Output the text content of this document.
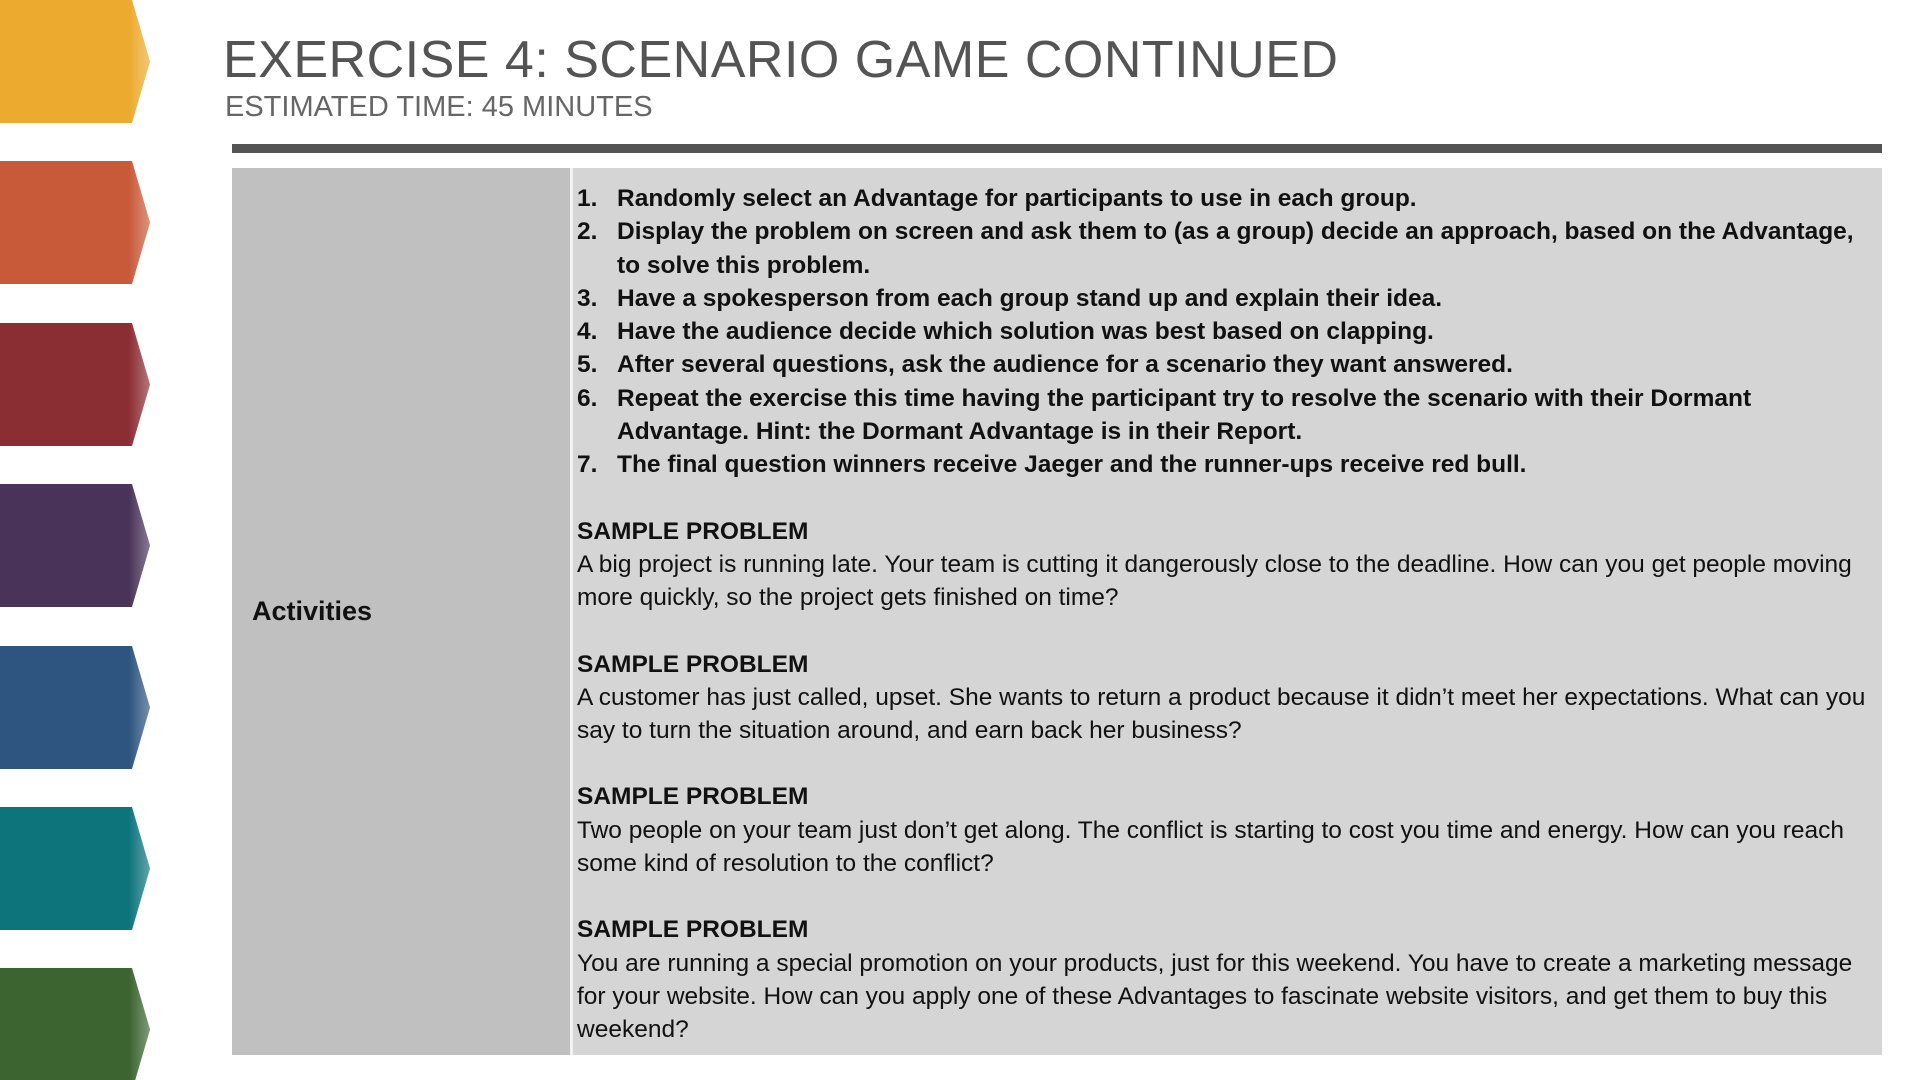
EXERCISE 4: SCENARIO GAME CONTINUED
ESTIMATED TIME: 45 MINUTES
Activities
1. Randomly select an Advantage for participants to use in each group.
2. Display the problem on screen and ask them to (as a group) decide an approach, based on the Advantage, to solve this problem.
3. Have a spokesperson from each group stand up and explain their idea.
4. Have the audience decide which solution was best based on clapping.
5. After several questions, ask the audience for a scenario they want answered.
6. Repeat the exercise this time having the participant try to resolve the scenario with their Dormant Advantage. Hint: the Dormant Advantage is in their Report.
7. The final question winners receive Jaeger and the runner-ups receive red bull.
SAMPLE PROBLEM
A big project is running late. Your team is cutting it dangerously close to the deadline. How can you get people moving more quickly, so the project gets finished on time?
SAMPLE PROBLEM
A customer has just called, upset. She wants to return a product because it didn’t meet her expectations. What can you say to turn the situation around, and earn back her business?
SAMPLE PROBLEM
Two people on your team just don’t get along. The conflict is starting to cost you time and energy. How can you reach some kind of resolution to the conflict?
SAMPLE PROBLEM
You are running a special promotion on your products, just for this weekend. You have to create a marketing message for your website. How can you apply one of these Advantages to fascinate website visitors, and get them to buy this weekend?
